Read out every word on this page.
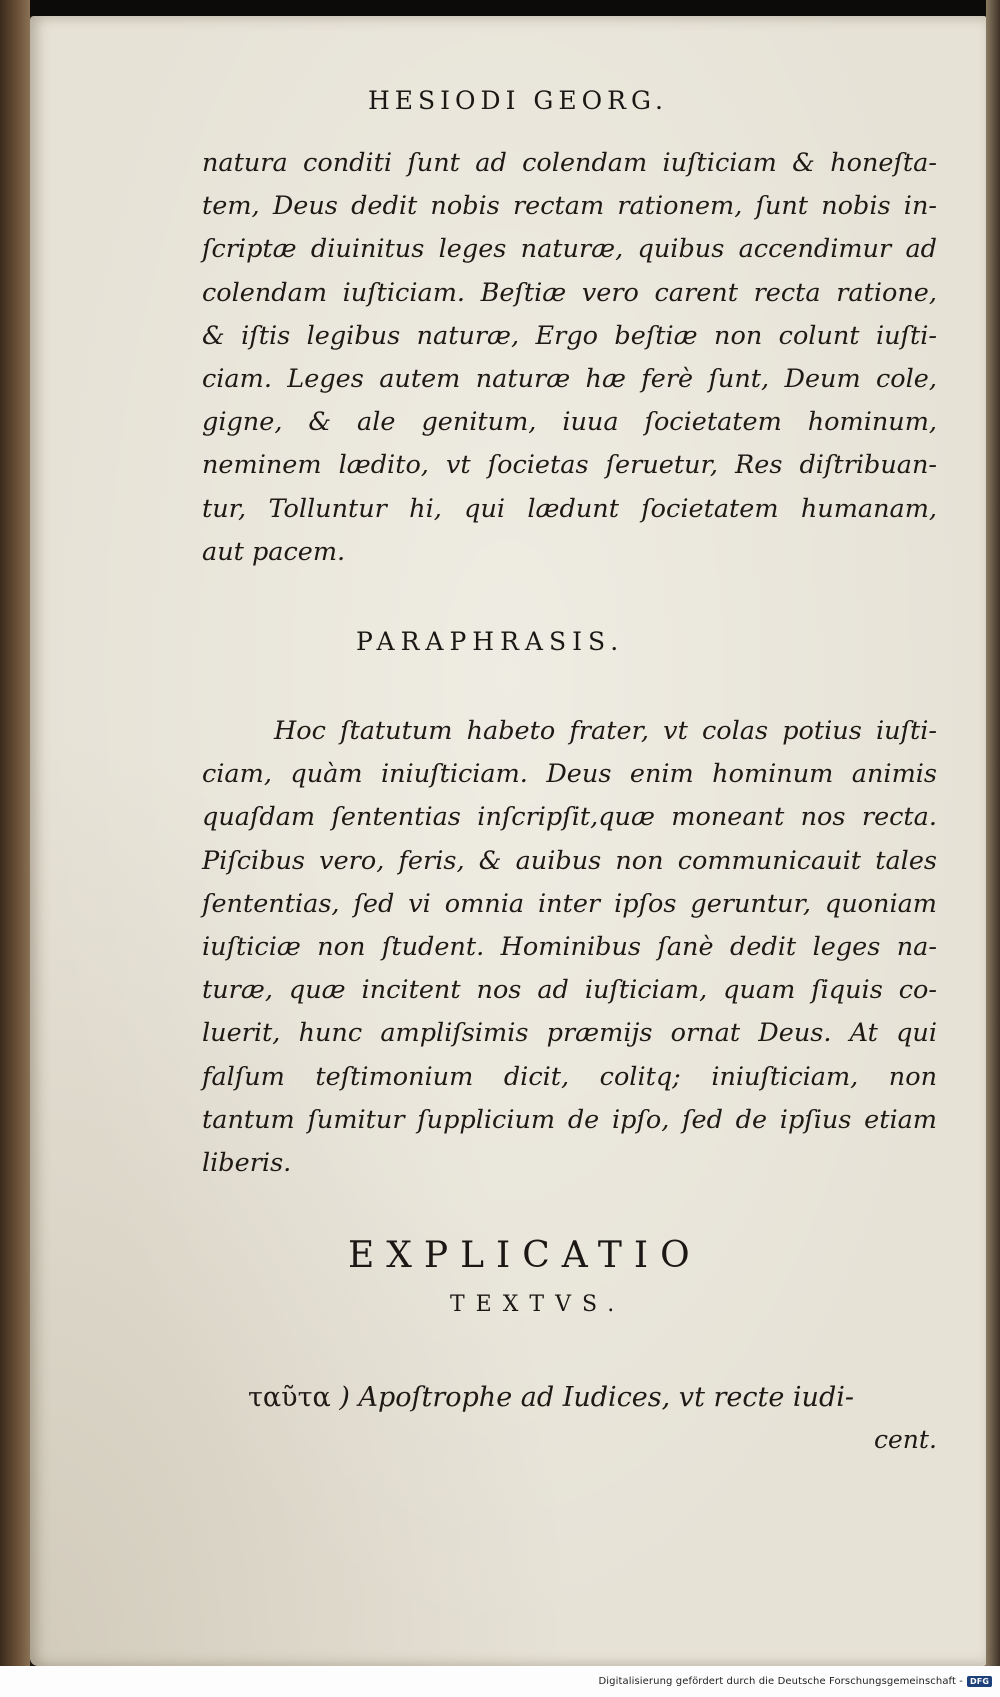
HESIODI GEORG.
natura conditi ſunt ad colendam iuſticiam & honeſta-
tem, Deus dedit nobis rectam rationem, ſunt nobis in-
ſcriptæ diuinitus leges naturæ, quibus accendimur ad
colendam iuſticiam. Beſtiæ vero carent recta ratione,
& iſtis legibus naturæ, Ergo beſtiæ non colunt iuſti-
ciam. Leges autem naturæ hæ ferè ſunt, Deum cole,
gigne, & ale genitum, iuua ſocietatem hominum,
neminem lædito, vt ſocietas ſeruetur, Res diſtribuan-
tur, Tolluntur hi, qui lædunt ſocietatem humanam,
aut pacem.
PARAPHRASIS.
Hoc ſtatutum habeto frater, vt colas potius iuſti-
ciam, quàm iniuſticiam. Deus enim hominum animis
quaſdam ſententias inſcripſit,quæ moneant nos recta.
Piſcibus vero, feris, & auibus non communicauit tales
ſententias, ſed vi omnia inter ipſos geruntur, quoniam
iuſticiæ non ſtudent. Hominibus ſanè dedit leges na-
turæ, quæ incitent nos ad iuſticiam, quam ſiquis co-
luerit, hunc ampliſsimis præmijs ornat Deus. At qui
falſum teſtimonium dicit, colitq; iniuſticiam, non
tantum ſumitur ſupplicium de ipſo, ſed de ipſius etiam
liberis.
EXPLICATIO
TEXTVS.
ταῦτα ) Apoſtrophe ad Iudices, vt recte iudi-
cent.
Digitalisierung gefördert durch die Deutsche Forschungsgemeinschaft - DFG
